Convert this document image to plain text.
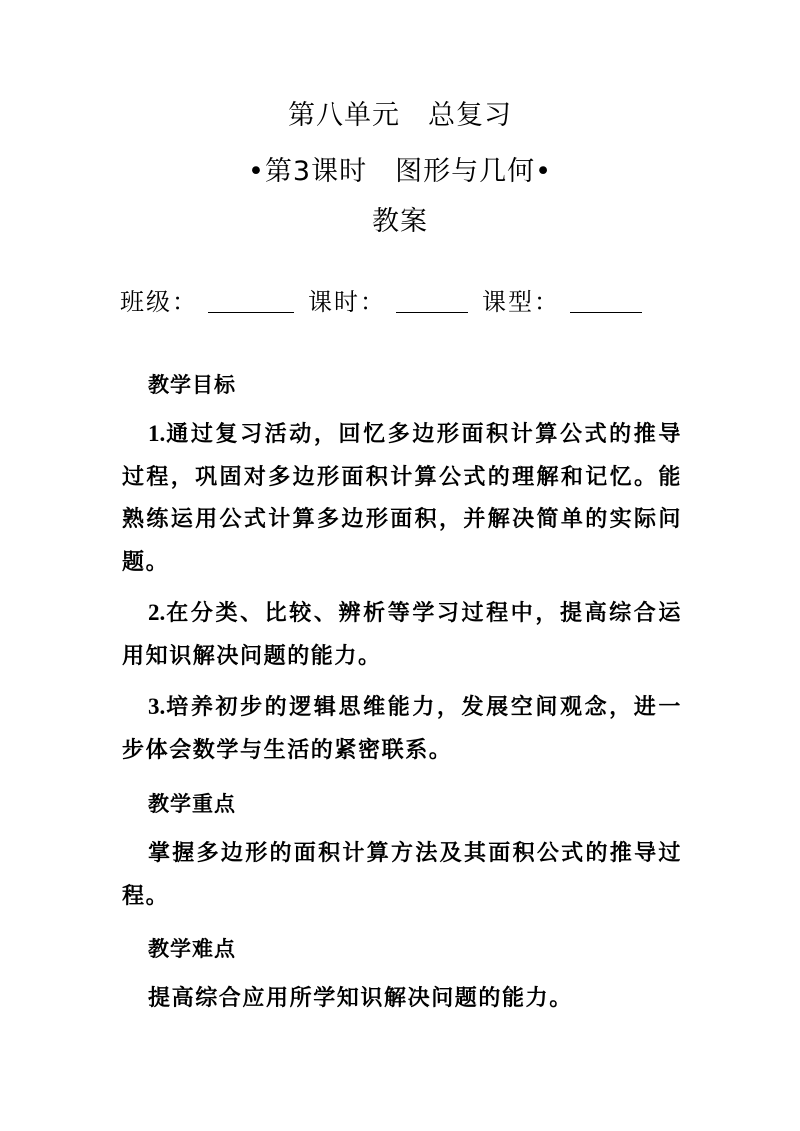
第八单元　总复习
•第3课时　图形与几何•
教案
班级：	课时：	课型：
教学目标

1.通过复习活动，回忆多边形面积计算公式的推导过程，巩固对多边形面积计算公式的理解和记忆。能熟练运用公式计算多边形面积，并解决简单的实际问题。

2.在分类、比较、辨析等学习过程中，提高综合运用知识解决问题的能力。

3.培养初步的逻辑思维能力，发展空间观念，进一步体会数学与生活的紧密联系。

教学重点

掌握多边形的面积计算方法及其面积公式的推导过程。

教学难点

提高综合应用所学知识解决问题的能力。
